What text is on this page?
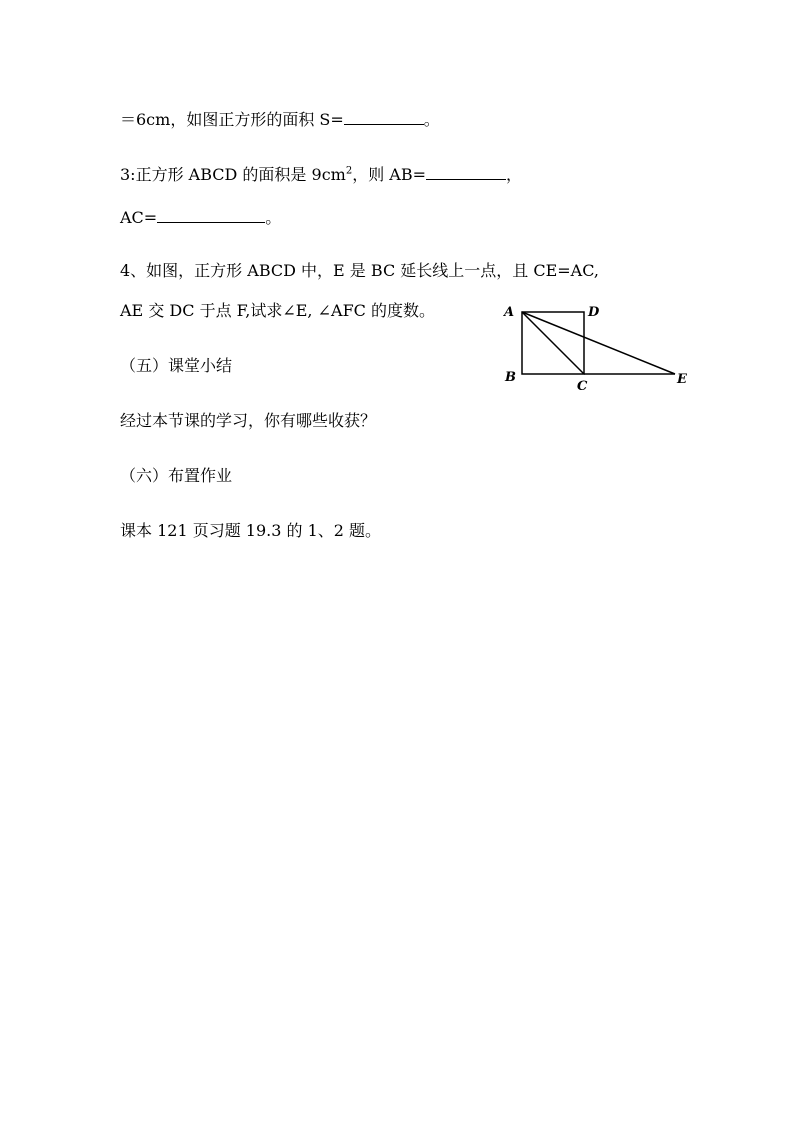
＝6cm，如图正方形的面积 S=	。
3:正方形 ABCD 的面积是 $9cm^2$，则 AB=	，
AC=	。
4、如图，正方形 ABCD 中，E 是 BC 延长线上一点，且 CE=AC,
AE 交 DC 于点 F,试求∠E, ∠AFC 的度数。
（五）课堂小结
经过本节课的学习，你有哪些收获？
（六）布置作业
课本 121 页习题 19.3 的 1、2 题。
A	D
B
C	E
